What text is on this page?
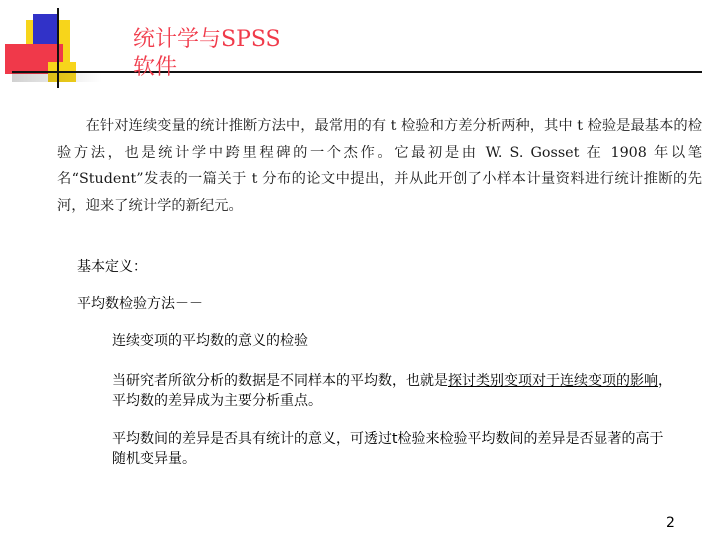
统计学与SPSS
软件
在针对连续变量的统计推断方法中，最常用的有 t 检验和方差分析两种，其中 t 检验是最基本的检验方法，也是统计学中跨里程碑的一个杰作。它最初是由 W. S. Gosset 在 1908 年以笔名“Student”发表的一篇关于 t 分布的论文中提出，并从此开创了小样本计量资料进行统计推断的先河，迎来了统计学的新纪元。
基本定义：
平均数检验方法－－
连续变项的平均数的意义的检验
当研究者所欲分析的数据是不同样本的平均数，也就是探讨类别变项对于连续变项的影响，平均数的差异成为主要分析重点。
平均数间的差异是否具有统计的意义，可透过t检验来检验平均数间的差异是否显著的高于随机变异量。
2
